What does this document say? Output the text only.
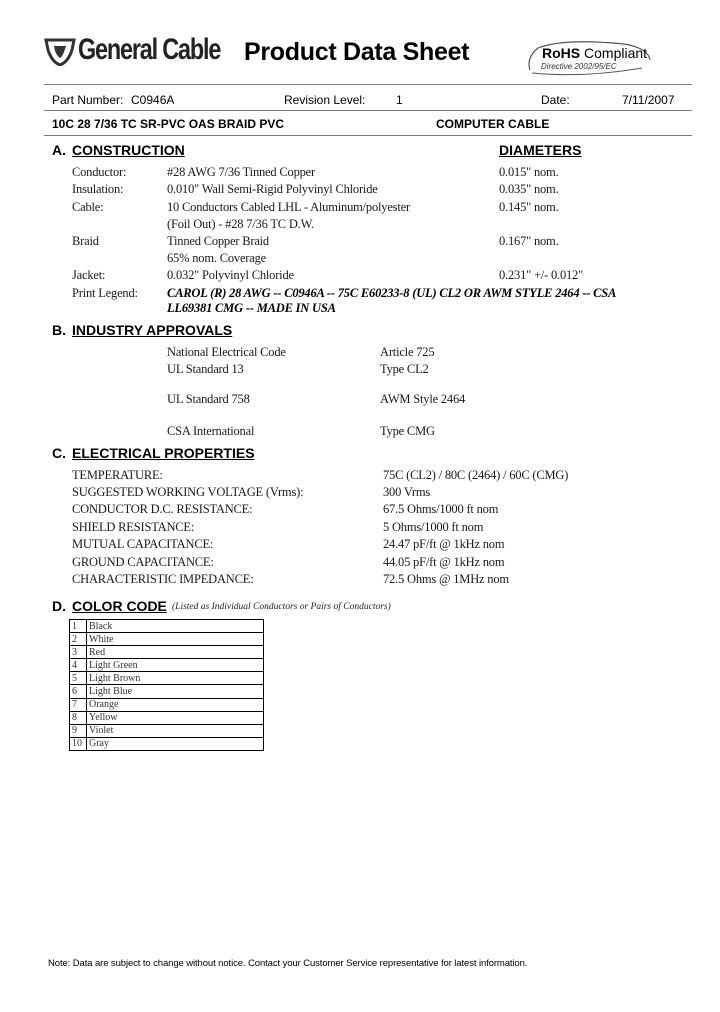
General Cable Product Data Sheet	RoHS Compliant
Directive 2002/95/EC
Part Number: C0946A	Revision Level:	1	Date:	7/11/2007
10C 28 7/36 TC SR-PVC OAS BRAID PVC	COMPUTER CABLE
A. CONSTRUCTION	DIAMETERS
Conductor:	#28 AWG 7/36 Tinned Copper	0.015" nom.
Insulation:	0.010" Wall Semi-Rigid Polyvinyl Chloride	0.035" nom.
Cable:	10 Conductors Cabled LHL - Aluminum/polyester	0.145" nom.
(Foil Out) - #28 7/36 TC D.W.
Braid	Tinned Copper Braid	0.167" nom.
65% nom. Coverage
Jacket:	0.032" Polyvinyl Chloride	0.231" +/- 0.012"
Print Legend: CAROL (R) 28 AWG -- C0946A -- 75C E60233-8 (UL) CL2 OR AWM STYLE 2464 -- CSA
LL69381 CMG -- MADE IN USA
B. INDUSTRY APPROVALS
National Electrical Code	Article 725
UL Standard 13	Type CL2
UL Standard 758	AWM Style 2464
CSA International	Type CMG
C. ELECTRICAL PROPERTIES
TEMPERATURE:	75C (CL2) / 80C (2464) / 60C (CMG)
SUGGESTED WORKING VOLTAGE (Vrms):	300 Vrms
CONDUCTOR D.C. RESISTANCE:	67.5 Ohms/1000 ft nom
SHIELD RESISTANCE:	5 Ohms/1000 ft nom
MUTUAL CAPACITANCE:	24.47 pF/ft @ 1kHz nom
GROUND CAPACITANCE:	44.05 pF/ft @ 1kHz nom
CHARACTERISTIC IMPEDANCE:	72.5 Ohms @ 1MHz nom
D. COLOR CODE (Listed as Individual Conductors or Pairs of Conductors)
1	Black
2	White
3	Red
4	Light Green
5	Light Brown
6	Light Blue
7	Orange
8	Yellow
9	Violet
10	Gray
Note: Data are subject to change without notice. Contact your Customer Service representative for latest information.
